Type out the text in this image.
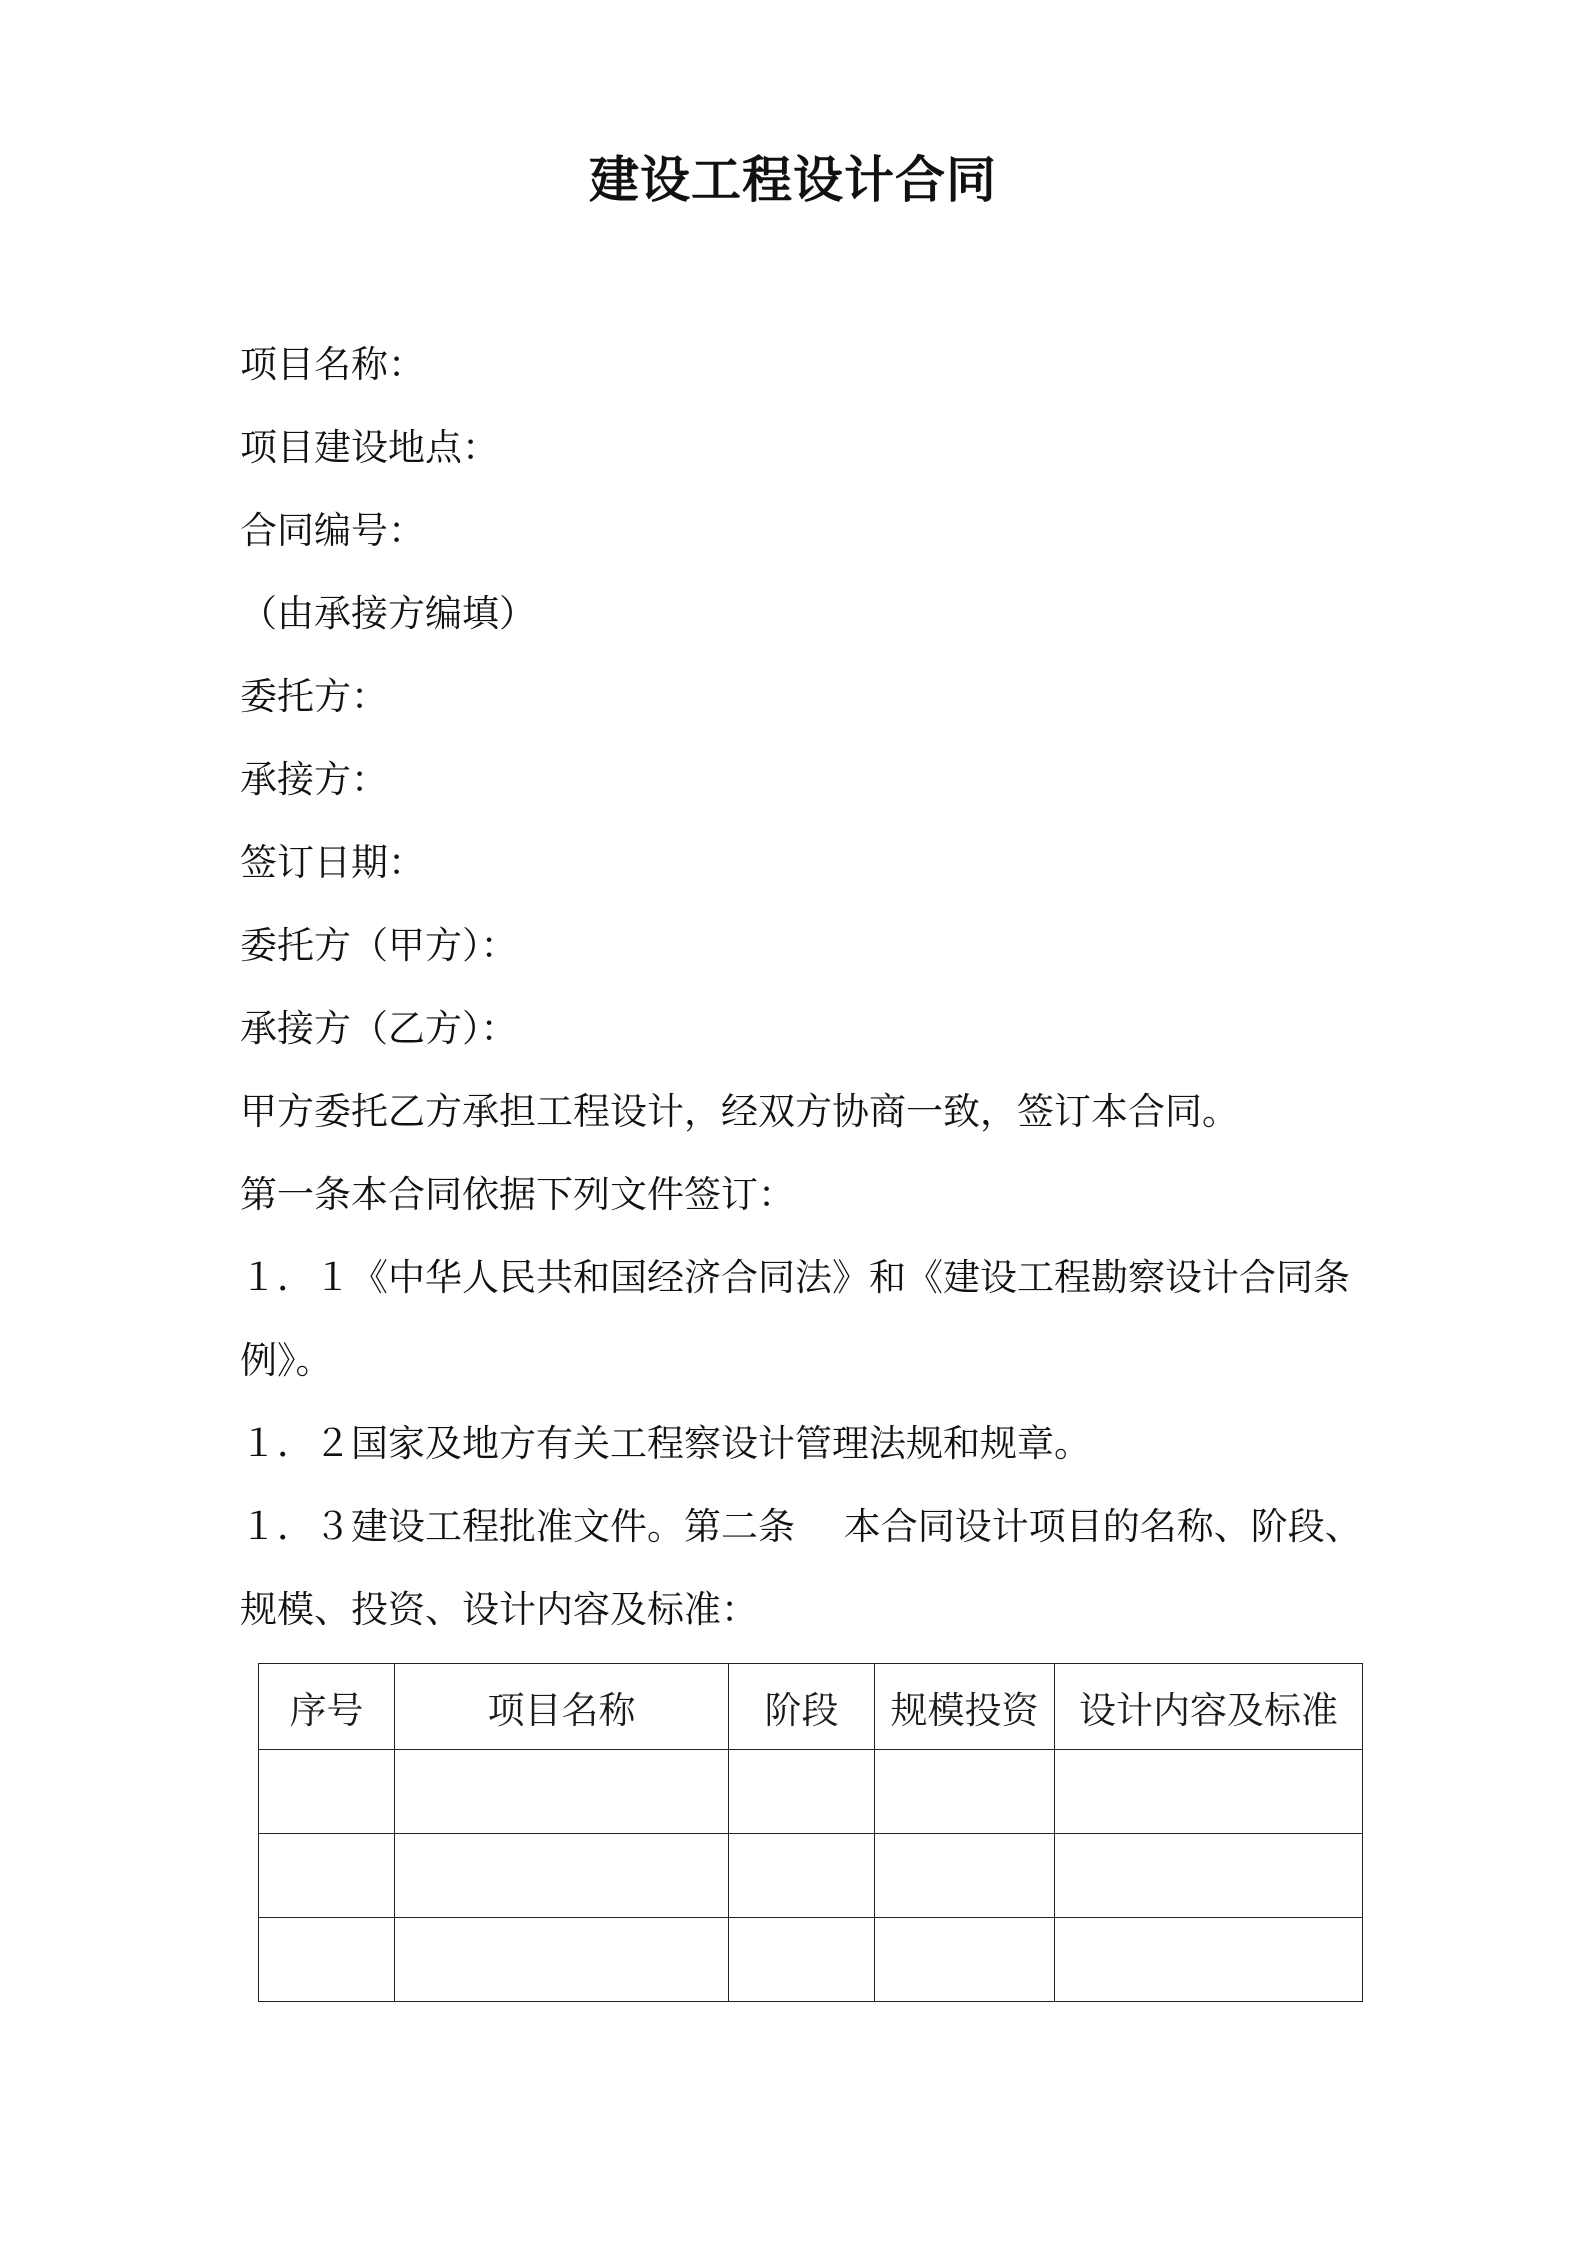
建设工程设计合同
项目名称：
项目建设地点：
合同编号：
（由承接方编填）
委托方：
承接方：
签订日期：
委托方（甲方）：
承接方（乙方）：
甲方委托乙方承担工程设计，经双方协商一致，签订本合同。
第一条本合同依据下列文件签订：
１．１《中华人民共和国经济合同法》和《建设工程勘察设计合同条
例》。
１．２国家及地方有关工程察设计管理法规和规章。
１．３建设工程批准文件。第二条　 本合同设计项目的名称、阶段、
规模、投资、设计内容及标准：
序号	项目名称	阶段	规模投资	设计内容及标准
